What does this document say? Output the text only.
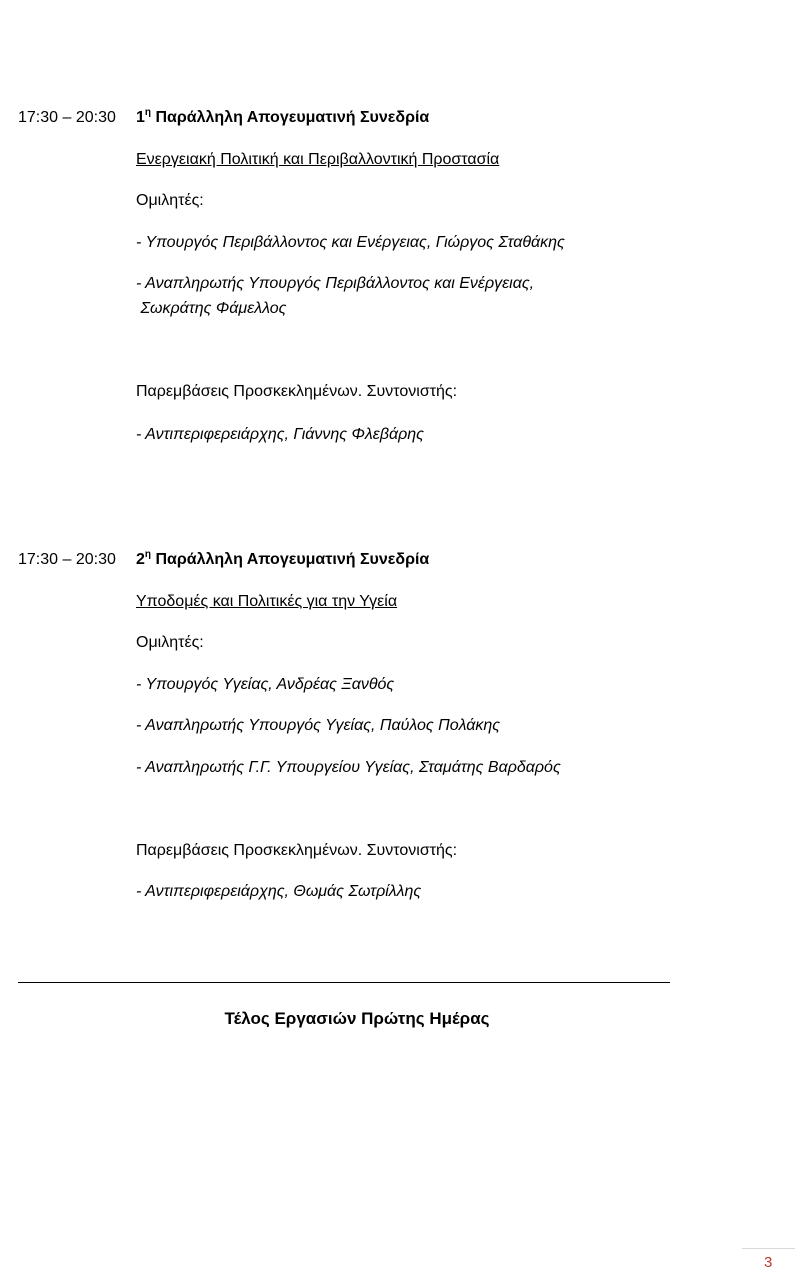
17:30 – 20:30 $1^\eta$ Παράλληλη Απογευματινή Συνεδρία
Ενεργειακή Πολιτική και Περιβαλλοντική Προστασία
Ομιλητές:
- Υπουργός Περιβάλλοντος και Ενέργειας, Γιώργος Σταθάκης
- Αναπληρωτής Υπουργός Περιβάλλοντος και Ενέργειας,
Σωκράτης Φάμελλος
Παρεμβάσεις Προσκεκλημένων. Συντονιστής:
- Αντιπεριφερειάρχης, Γιάννης Φλεβάρης
17:30 – 20:30 $2^\eta$ Παράλληλη Απογευματινή Συνεδρία
Υποδομές και Πολιτικές για την Υγεία
Ομιλητές:
- Υπουργός Υγείας, Ανδρέας Ξανθός
- Αναπληρωτής Υπουργός Υγείας, Παύλος Πολάκης
- Αναπληρωτής Γ.Γ. Υπουργείου Υγείας, Σταμάτης Βαρδαρός
Παρεμβάσεις Προσκεκλημένων. Συντονιστής:
- Αντιπεριφερειάρχης, Θωμάς Σωτρίλλης
Τέλος Εργασιών Πρώτης Ημέρας
3
